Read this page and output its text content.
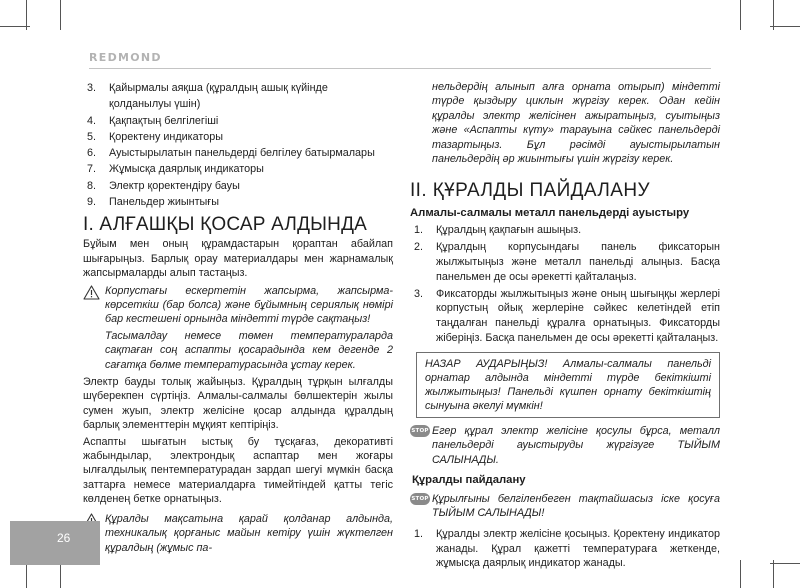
REDMOND
3. Қайырмалы аяқша (құралдың ашық күйінде қолданылуы үшін)
4. Қақпақтың белгілегіші
5. Қоректену индикаторы
6. Ауыстырылатын панельдерді белгілеу батырмалары
7. Жұмысқа даярлық индикаторы
8. Электр қоректендіру бауы
9. Панельдер жиынтығы
I. АЛҒАШҚЫ ҚОСАР АЛДЫНДА

Бұйым мен оның құрамдастарын қораптан абайлап шығарыңыз. Барлық орау материалдары мен жарнамалық жапсырмаларды алып тастаңыз.

Корпустағы ескертетін жапсырма, жапсырма-көрсеткіш (бар болса) және бұйымның сериялық нөмірі бар кестешені орнында міндетті түрде сақтаңыз!

Тасымалдау немесе төмен температураларда сақтаған соң аспапты қосарадында кем дегенде 2 сағатқа бөлме температурасында ұстау керек.

Электр бауды толық жайыңыз. Құралдың тұрқын ылғалды шүберекпен сүртіңіз. Алмалы-салмалы бөлшектерін жылы сумен жуып, электр желісіне қосар алдында құралдың барлық элементтерін мұқият кептіріңіз.

Аспапты шығатын ыстық бу тұсқағаз, декоративті жабындылар, электрондық аспаптар мен жоғары ылғалдылық пентемператуpадан зардап шегуі мүмкін басқа заттарға немесе материалдарға тимейтіндей қатты тегіс көлденең бетке орнатыңыз.

Құралды мақсатына қарай қолданар алдында, техникалық қорғаныс майын кетіру үшін жүктелген құралдың (жұмыс па-

нельдердің алынып алға орната отырып) міндетті түрде қыздыру циклын жүргізу керек. Одан кейін құралды электр желісінен ажыратыңыз, суытыңыз және «Аспапты күту» тарауына сәйкес панельдерді тазартыңыз. Бұл рәсімді ауыстырылатын панельдердің әр жиынтығы үшін жүргізу керек.

II. ҚҰРАЛДЫ ПАЙДАЛАНУ
Алмалы-салмалы металл панельдерді ауыстыру
1. Құралдың қақпағын ашыңыз.
2. Құралдың корпусындағы панель фиксаторын жылжытыңыз және металл панельді алыңыз. Басқа панельмен де осы әрекетті қайталаңыз.
3. Фиксаторды жылжытыңыз және оның шығыңқы жерлері корпустың ойық жерлеріне сәйкес келетіндей етіп таңдалған панельді құралға орнатыңыз. Фиксаторды жіберіңіз. Басқа панельмен де осы әрекетті қайталаңыз.

НАЗАР АУДАРЫҢЫЗ! Алмалы-салмалы панельді орнатар алдында міндетті түрде бекіткішті жылжытыңыз! Панельді күшпен орнату бекіткіштің сынуына әкелуі мүмкін!

STOP Егер құрал электр желісіне қосулы бұрса, металл панельдерді ауыстыруды жүргізуге ТЫЙЫМ САЛЫНАДЫ.

Құралды пайдалану
STOP Құрылғыны белгіленбеген тақтайшасыз іске қосуға ТЫЙЫМ САЛЫНАДЫ!

1. Құралды электр желісіне қосыңыз. Қоректену индикатор жанады. Құрал қажетті температураға жеткенде, жұмысқа даярлық индикатор жанады.
26
